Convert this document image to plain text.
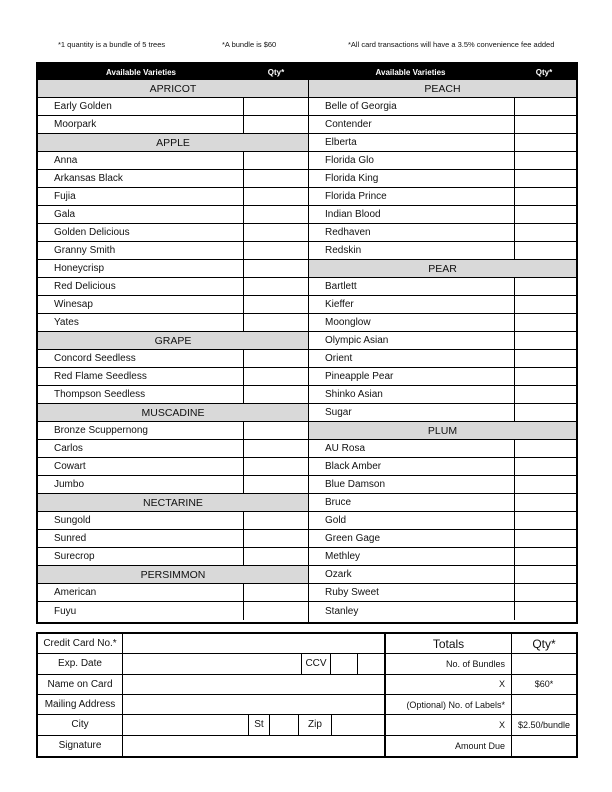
*1 quantity is a bundle of 5 trees	*A bundle is $60	*All card transactions will have a 3.5% convenience fee added
Available Varieties	Qty*
APRICOT
Early Golden
Moorpark
APPLE
Anna
Arkansas Black
Fujia
Gala
Golden Delicious
Granny Smith
Honeycrisp
Red Delicious
Winesap
Yates
GRAPE
Concord Seedless
Red Flame Seedless
Thompson Seedless
MUSCADINE
Bronze Scuppernong
Carlos
Cowart
Jumbo
NECTARINE
Sungold
Sunred
Surecrop
PERSIMMON
American
Fuyu
Available Varieties	Qty*
PEACH
Belle of Georgia
Contender
Elberta
Florida Glo
Florida King
Florida Prince
Indian Blood
Redhaven
Redskin
PEAR
Bartlett
Kieffer
Moonglow
Olympic Asian
Orient
Pineapple Pear
Shinko Asian
Sugar
PLUM
AU Rosa
Black Amber
Blue Damson
Bruce
Gold
Green Gage
Methley
Ozark
Ruby Sweet
Stanley
Credit Card No.*
Exp. Date	CCV
Name on Card
Mailing Address
City	St	Zip
Signature
Totals	Qty*
No. of Bundles
X	$60*
(Optional) No. of Labels*
X	$2.50/bundle
Amount Due
